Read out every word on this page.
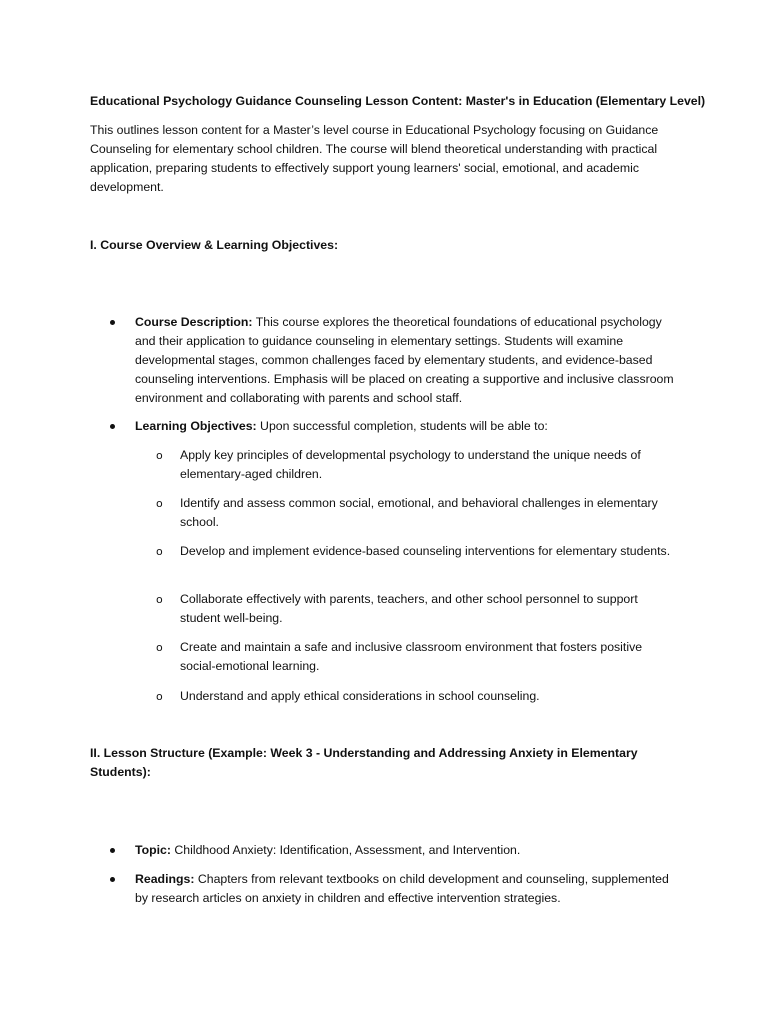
Educational Psychology Guidance Counseling Lesson Content: Master's in Education (Elementary Level)
This outlines lesson content for a Master’s level course in Educational Psychology focusing on Guidance Counseling for elementary school children. The course will blend theoretical understanding with practical application, preparing students to effectively support young learners' social, emotional, and academic development.
I. Course Overview & Learning Objectives:
Course Description: This course explores the theoretical foundations of educational psychology and their application to guidance counseling in elementary settings. Students will examine developmental stages, common challenges faced by elementary students, and evidence-based counseling interventions. Emphasis will be placed on creating a supportive and inclusive classroom environment and collaborating with parents and school staff.
Learning Objectives: Upon successful completion, students will be able to:
o Apply key principles of developmental psychology to understand the unique needs of elementary-aged children.
o Identify and assess common social, emotional, and behavioral challenges in elementary school.
o Develop and implement evidence-based counseling interventions for elementary students.
o Collaborate effectively with parents, teachers, and other school personnel to support student well-being.
o Create and maintain a safe and inclusive classroom environment that fosters positive social-emotional learning.
o Understand and apply ethical considerations in school counseling.
II. Lesson Structure (Example: Week 3 - Understanding and Addressing Anxiety in Elementary Students):
Topic: Childhood Anxiety: Identification, Assessment, and Intervention.
Readings: Chapters from relevant textbooks on child development and counseling, supplemented by research articles on anxiety in children and effective intervention strategies.
